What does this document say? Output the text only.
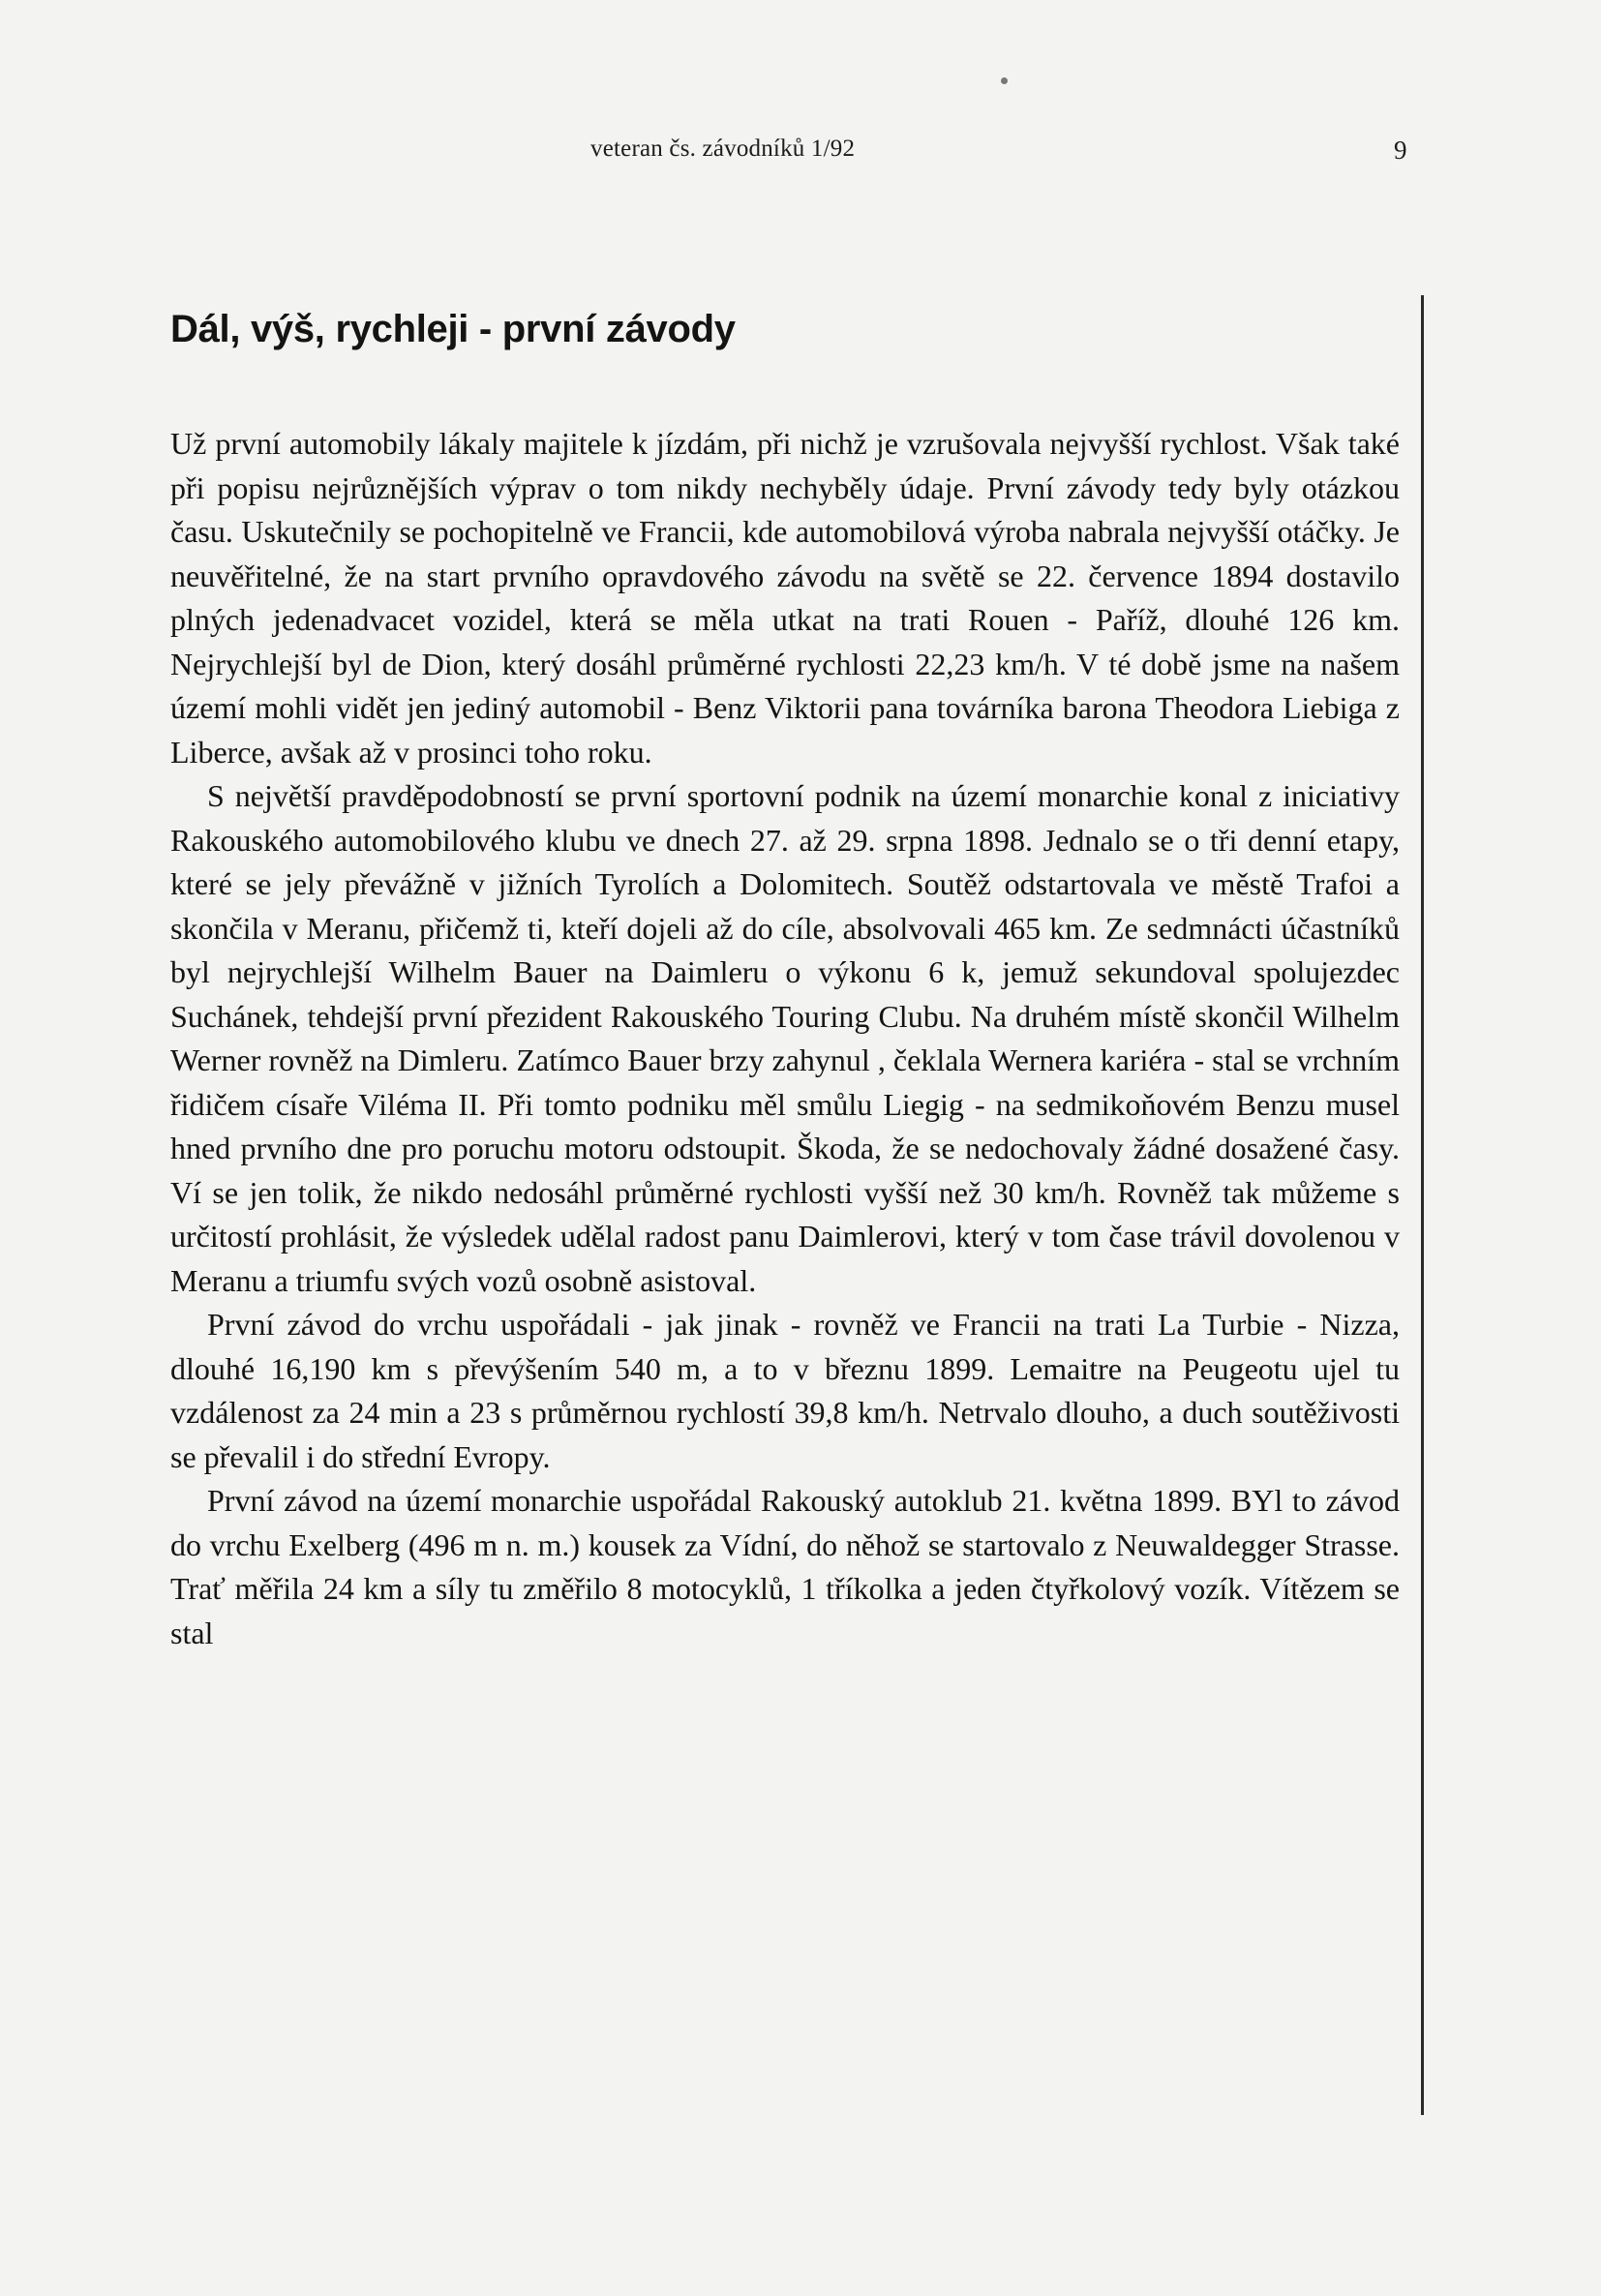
veteran čs. závodníků 1/92	9
Dál, výš, rychleji - první závody

Už první automobily lákaly majitele k jízdám, při nichž je vzrušovala nejvyšší rychlost. Však také při popisu nejrůznějších výprav o tom nikdy nechyběly údaje. První závody tedy byly otázkou času. Uskutečnily se pochopitelně ve Francii, kde automobilová výroba nabrala nejvyšší otáčky. Je neuvěřitelné, že na start prvního opravdového závodu na světě se 22. července 1894 dostavilo plných jedenadvacet vozidel, která se měla utkat na trati Rouen - Paříž, dlouhé 126 km. Nejrychlejší byl de Dion, který dosáhl průměrné rychlosti 22,23 km/h. V té době jsme na našem území mohli vidět jen jediný automobil - Benz Viktorii pana továrníka barona Theodora Liebiga z Liberce, avšak až v prosinci toho roku.

S největší pravděpodobností se první sportovní podnik na území monarchie konal z iniciativy Rakouského automobilového klubu ve dnech 27. až 29. srpna 1898. Jednalo se o tři denní etapy, které se jely převážně v jižních Tyrolích a Dolomitech. Soutěž odstartovala ve městě Trafoi a skončila v Meranu, přičemž ti, kteří dojeli až do cíle, absolvovali 465 km. Ze sedmnácti účastníků byl nejrychlejší Wilhelm Bauer na Daimleru o výkonu 6 k, jemuž sekundoval spolujezdec Suchánek, tehdejší první přezident Rakouského Touring Clubu. Na druhém místě skončil Wilhelm Werner rovněž na Dimleru. Zatímco Bauer brzy zahynul , čeklala Wernera kariéra - stal se vrchním řidičem císaře Viléma II. Při tomto podniku měl smůlu Liegig - na sedmikoňovém Benzu musel hned prvního dne pro poruchu motoru odstoupit. Škoda, že se nedochovaly žádné dosažené časy. Ví se jen tolik, že nikdo nedosáhl průměrné rychlosti vyšší než 30 km/h. Rovněž tak můžeme s určitostí prohlásit, že výsledek udělal radost panu Daimlerovi, který v tom čase trávil dovolenou v Meranu a triumfu svých vozů osobně asistoval.

První závod do vrchu uspořádali - jak jinak - rovněž ve Francii na trati La Turbie - Nizza, dlouhé 16,190 km s převýšením 540 m, a to v březnu 1899. Lemaitre na Peugeotu ujel tu vzdálenost za 24 min a 23 s průměrnou rychlostí 39,8 km/h. Netrvalo dlouho, a duch soutěživosti se převalil i do střední Evropy.

První závod na území monarchie uspořádal Rakouský autoklub 21. května 1899. BYl to závod do vrchu Exelberg (496 m n. m.) kousek za Vídní, do něhož se startovalo z Neuwaldegger Strasse. Trať měřila 24 km a síly tu změřilo 8 motocyklů, 1 tříkolka a jeden čtyřkolový vozík. Vítězem se stal
